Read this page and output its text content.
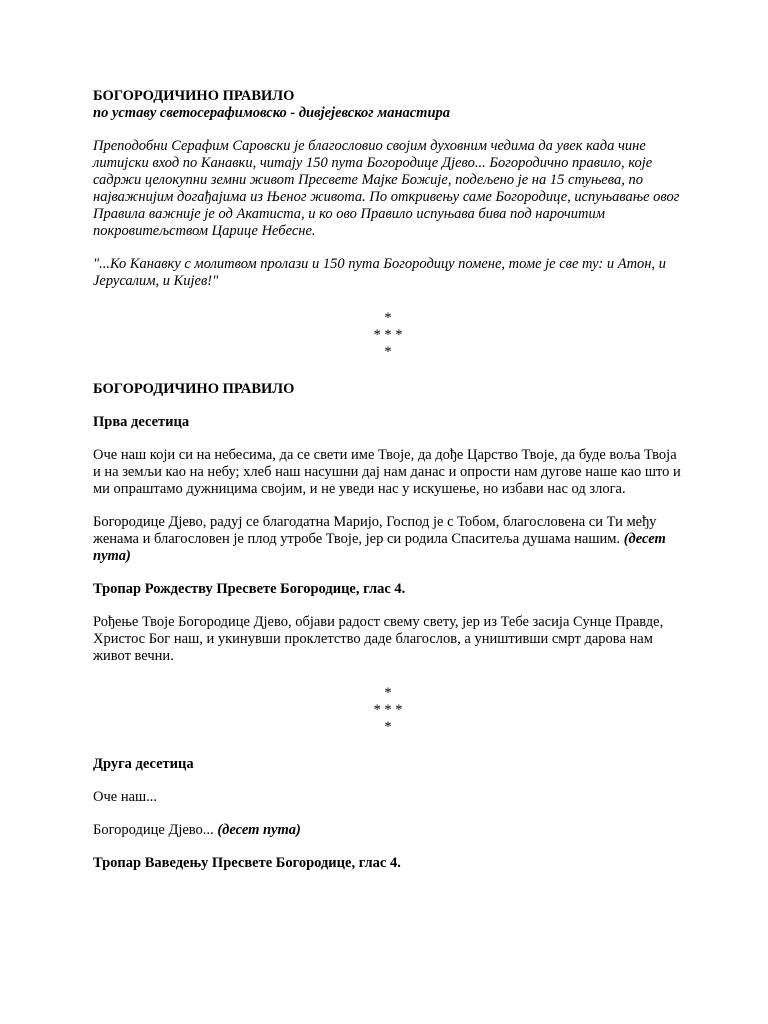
БОГОРОДИЧИНО ПРАВИЛО
по уставу светосерафимовско - дивјејевског манастира
Преподобни Серафим Саровски је благословио својим духовним чедима да увек када чине литијски вход по Канавки, читају 150 пута Богородице Дјево... Богородично правило, које садржи целокупни земни живот Пресвете Мајке Божије, подељено је на 15 стуњева, по најважнијим догађајима из Њеног живота. По откривењу саме Богородице, испуњавање овог Правила важније је од Акатиста, и ко ово Правило испуњава бива под нарочитим покровитељством Царице Небесне.
"...Ко Канавку с молитвом пролази и 150 пута Богородицу помене, томе је све ту: и Атон, и Јерусалим, и Кијев!"
*
* * *
*
БОГОРОДИЧИНО ПРАВИЛО
Прва десетица
Оче наш који си на небесима, да се свети име Твоје, да дође Царство Твоје, да буде воља Твоја и на земљи као на небу; хлеб наш насушни дај нам данас и опрости нам дугове наше као што и ми опраштамо дужницима својим, и не уведи нас у искушење, но избави нас од злога.
Богородице Дјево, радуј се благодатна Маријо, Господ је с Тобом, благословена си Ти међу женама и благословен је плод утробе Твоје, јер си родила Спаситеља душама нашим. (десет пута)
Тропар Рождеству Пресвете Богородице, глас 4.
Рођење Твоје Богородице Дјево, објави радост свему свету, јер из Тебе засија Сунце Правде, Христос Бог наш, и укинувши проклетство даде благослов, а уништивши смрт дарова нам живот вечни.
*
* * *
*
Друга десетица
Оче наш...
Богородице Дјево... (десет пута)
Тропар Ваведењу Пресвете Богородице, глас 4.
